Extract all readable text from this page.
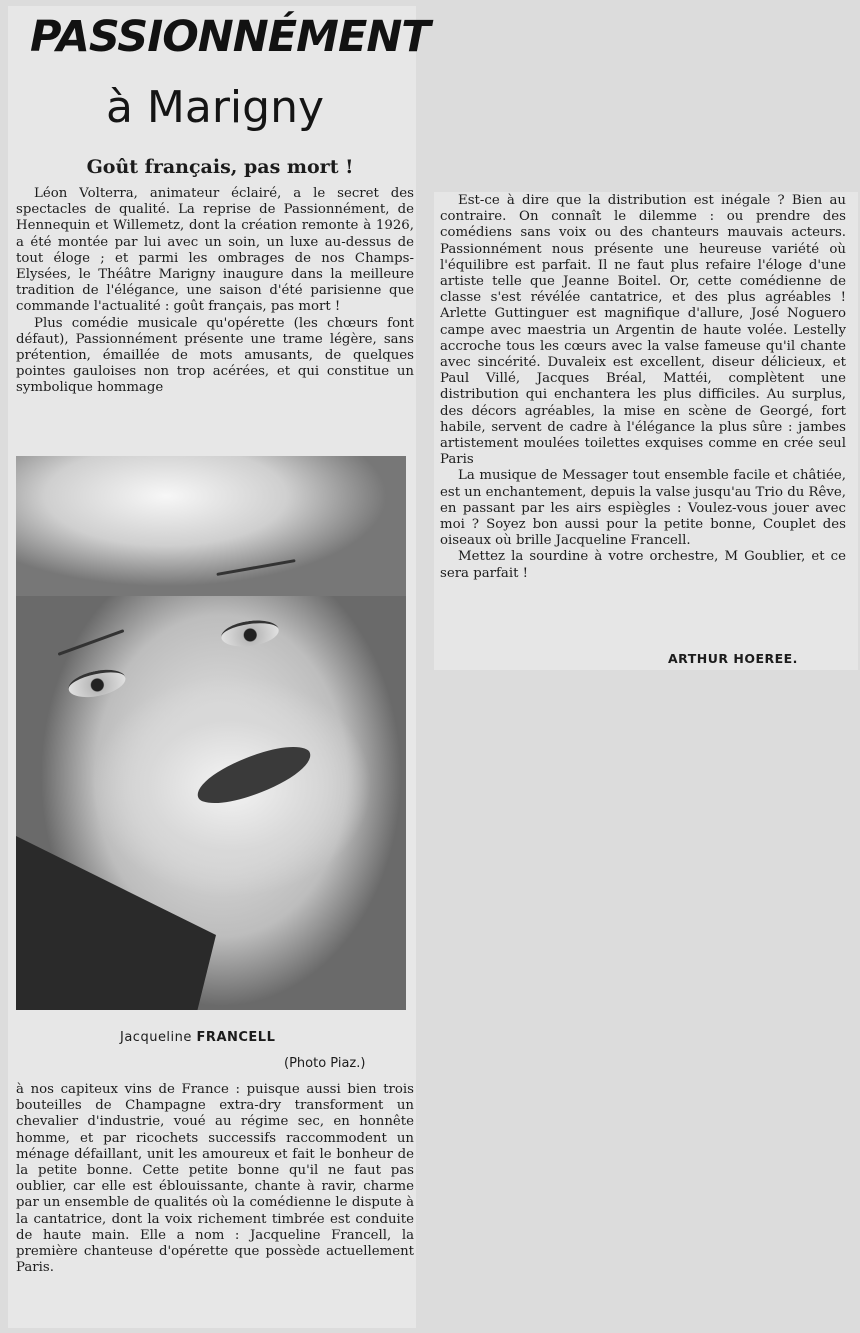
PASSIONNÉMENT
à Marigny
Goût français, pas mort !

Léon Volterra, animateur éclairé, a le secret des spectacles de qualité. La reprise de Passionnément, de Hennequin et Willemetz, dont la création remonte à 1926, a été montée par lui avec un soin, un luxe au-dessus de tout éloge ; et parmi les ombrages de nos Champs-Elysées, le Théâtre Marigny inaugure dans la meilleure tradition de l'élégance, une saison d'été parisienne que commande l'actualité : goût français, pas mort !

Plus comédie musicale qu'opérette (les chœurs font défaut), Passionnément présente une trame légère, sans prétention, émaillée de mots amusants, de quelques pointes gauloises non trop acérées, et qui constitue un symbolique hommage

Jacqueline FRANCELL

(Photo Piaz.)

à nos capiteux vins de France : puisque aussi bien trois bouteilles de Champagne extra-dry transforment un chevalier d'industrie, voué au régime sec, en honnête homme, et par ricochets successifs raccommodent un ménage défaillant, unit les amoureux et fait le bonheur de la petite bonne. Cette petite bonne qu'il ne faut pas oublier, car elle est éblouissante, chante à ravir, charme par un ensemble de qualités où la comédienne le dispute à la cantatrice, dont la voix richement timbrée est conduite de haute main. Elle a nom : Jacqueline Francell, la première chanteuse d'opérette que possède actuellement Paris.

Est-ce à dire que la distribution est inégale ? Bien au contraire. On connaît le dilemme : ou prendre des comédiens sans voix ou des chanteurs mauvais acteurs. Passionnément nous présente une heureuse variété où l'équilibre est parfait. Il ne faut plus refaire l'éloge d'une artiste telle que Jeanne Boitel. Or, cette comédienne de classe s'est révélée cantatrice, et des plus agréables ! Arlette Guttinguer est magnifique d'allure, José Noguero campe avec maestria un Argentin de haute volée. Lestelly accroche tous les cœurs avec la valse fameuse qu'il chante avec sincérité. Duvaleix est excellent, diseur délicieux, et Paul Villé, Jacques Bréal, Mattéi, complètent une distribution qui enchantera les plus difficiles. Au surplus, des décors agréables, la mise en scène de Georgé, fort habile, servent de cadre à l'élégance la plus sûre : jambes artistement moulées toilettes exquises comme en crée seul Paris

La musique de Messager tout ensemble facile et châtiée, est un enchantement, depuis la valse jusqu'au Trio du Rêve, en passant par les airs espiègles : Voulez-vous jouer avec moi ? Soyez bon aussi pour la petite bonne, Couplet des oiseaux où brille Jacqueline Francell.

Mettez la sourdine à votre orchestre, M Goublier, et ce sera parfait !

ARTHUR HOEREE.
